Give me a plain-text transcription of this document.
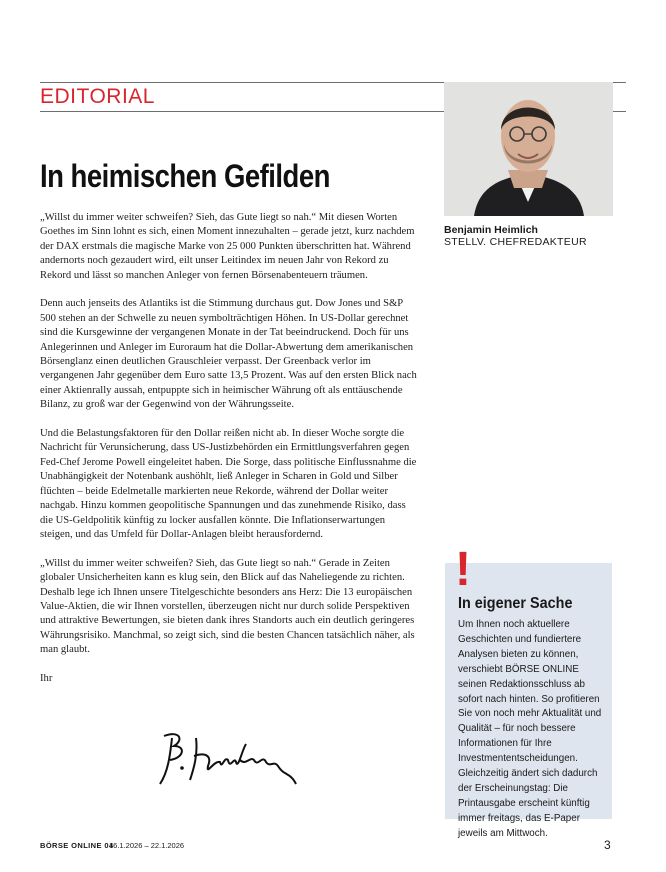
EDITORIAL
Benjamin Heimlich
STELLV. CHEFREDAKTEUR
In heimischen Gefilden

„Willst du immer weiter schweifen? Sieh, das Gute liegt so nah.“ Mit diesen Worten Goethes im Sinn lohnt es sich, einen Moment innezuhalten – gerade jetzt, kurz nachdem der DAX erstmals die magische Marke von 25 000 Punkten überschritten hat. Während andernorts noch gezaudert wird, eilt unser Leitindex im neuen Jahr von Rekord zu Rekord und lässt so manchen Anleger von fernen Börsenabenteuern träumen.

Denn auch jenseits des Atlantiks ist die Stimmung durchaus gut. Dow Jones und S&P 500 stehen an der Schwelle zu neuen symbolträchtigen Höhen. In US-Dollar gerechnet sind die Kursgewinne der vergangenen Monate in der Tat beeindruckend. Doch für uns Anlegerinnen und Anleger im Euroraum hat die Dollar-Abwertung dem amerikanischen Börsenglanz einen deutlichen Grauschleier verpasst. Der Greenback verlor im vergangenen Jahr gegenüber dem Euro satte 13,5 Prozent. Was auf den ersten Blick nach einer Aktienrally aussah, entpuppte sich in heimischer Währung oft als enttäuschende Bilanz, zu groß war der Gegenwind von der Währungsseite.

Und die Belastungsfaktoren für den Dollar reißen nicht ab. In dieser Woche sorgte die Nachricht für Verunsicherung, dass US-Justizbehörden ein Ermittlungsverfahren gegen Fed-Chef Jerome Powell eingeleitet haben. Die Sorge, dass politische Einflussnahme die Unabhängigkeit der Notenbank aushöhlt, ließ Anleger in Scharen in Gold und Silber flüchten – beide Edelmetalle markierten neue Rekorde, während der Dollar weiter nachgab. Hinzu kommen geopolitische Spannungen und das zunehmende Risiko, dass die US-Geldpolitik künftig zu locker ausfallen könnte. Die Inflationserwartungen steigen, und das Umfeld für Dollar-Anlagen bleibt herausfordernd.

„Willst du immer weiter schweifen? Sieh, das Gute liegt so nah.“ Gerade in Zeiten globaler Unsicherheiten kann es klug sein, den Blick auf das Naheliegende zu richten. Deshalb lege ich Ihnen unsere Titelgeschichte besonders ans Herz: Die 13 europäischen Value-Aktien, die wir Ihnen vorstellen, überzeugen nicht nur durch solide Perspektiven und attraktive Bewertungen, sie bieten dank ihres Standorts auch ein deutlich geringeres Währungsrisiko. Manchmal, so zeigt sich, sind die besten Chancen tatsächlich näher, als man glaubt.

Ihr

!
In eigener Sache
Um Ihnen noch aktuellere Geschichten und fundiertere Analysen bieten zu können, verschiebt BÖRSE ONLINE seinen Redaktionsschluss ab sofort nach hinten. So profitieren Sie von noch mehr Aktualität und Qualität – für noch bessere Informationen für Ihre Investmententscheidungen. Gleichzeitig ändert sich dadurch der Erscheinungstag: Die Printausgabe erscheint künftig immer freitags, das E-Paper jeweils am Mittwoch.
BÖRSE ONLINE 04
16.1.2026 – 22.1.2026	3
